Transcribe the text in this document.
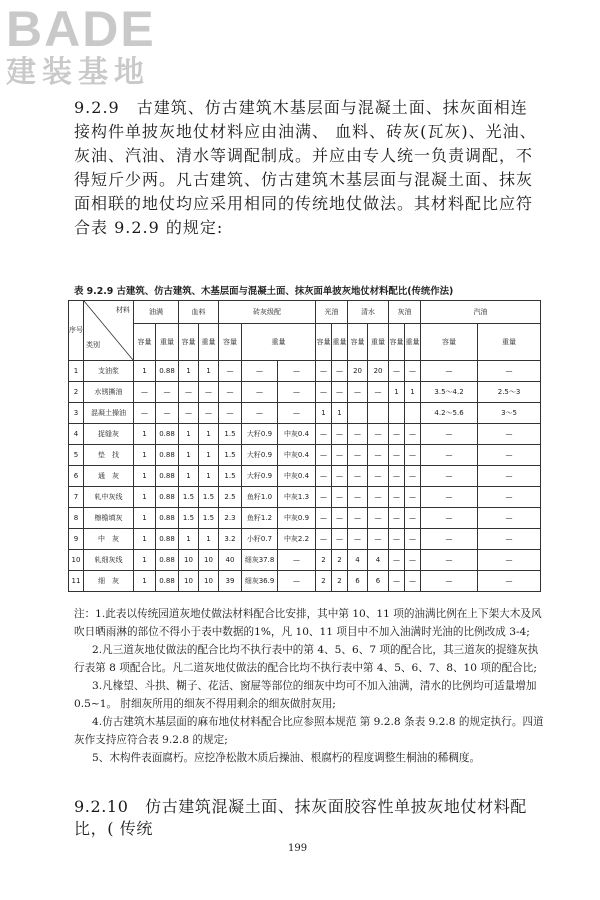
BADE
建装基地
9.2.9　古建筑、仿古建筑木基层面与混凝土面、抹灰面相连接构件单披灰地仗材料应由油满、 血料、砖灰(瓦灰)、光油、灰油、汽油、清水等调配制成。并应由专人统一负责调配，不得短斤少两。凡古建筑、仿古建筑木基层面与混凝土面、抹灰面相联的地仗均应采用相同的传统地仗做法。其材料配比应符合表 9.2.9 的规定:
表 9.2.9 古建筑、仿古建筑、木基层面与混凝土面、抹灰面单披灰地仗材料配比(传统作法)
序号	材料
类别	油满		血料		砖灰级配			光油		清水		灰油		汽油	
		容量	重量	容量	重量	容量	重量		容量	重量	容量	重量	容量	重量	容量	重量
1	支油浆	1	0.88	1	1	—	—	—	—	—	20	20	—	—	—	—
2	水锈撕油	—	—	—	—	—	—	—	—	—	—	—	1	1	3.5～4.2	2.5～3
3	混凝土操油	—	—	—	—	—	—	—	1	1					4.2～5.6	3～5
4	捉缝灰	1	0.88	1	1	1.5	大籽0.9	中灰0.4	—	—	—	—	—	—	—	—
5	垫　找	1	0.88	1	1	1.5	大籽0.9	中灰0.4	—	—	—	—	—	—	—	—
6	通　灰	1	0.88	1	1	1.5	大籽0.9	中灰0.4	—	—	—	—	—	—	—	—
7	轧中灰线	1	0.88	1.5	1.5	2.5	鱼籽1.0	中灰1.3	—	—	—	—	—	—	—	—
8	檫檐填灰	1	0.88	1.5	1.5	2.3	鱼籽1.2	中灰0.9	—	—	—	—	—	—	—	—
9	中　灰	1	0.88	1	1	3.2	小籽0.7	中灰2.2	—	—	—	—	—	—	—	—
10	轧细灰线	1	0.88	10	10	40	细灰37.8	—	2	2	4	4	—	—	—	—
11	细　灰	1	0.88	10	10	39	细灰36.9	—	2	2	6	6	—	—	—	—

注：1.此表以传统园道灰地仗做法材料配合比安排，其中第 10、11 项的油满比例在上下架大木及风吹日晒雨淋的部位不得小于表中数据的1%，凡 10、11 项目中不加入油满时光油的比例改成 3-4;

2.凡三道灰地仗做法的配合比均不执行表中的第 4、5、6、7 项的配合比，其三道灰的捉缝灰执行表第 8 项配合比。凡二道灰地仗做法的配合比均不执行表中第 4、5、6、7、8、10 项的配合比;

3.凡椽望、斗拱、糊子、花活、窗屉等部位的细灰中均可不加入油满，清水的比例均可适量增加 0.5~1。 肘细灰所用的细灰不得用剩余的细灰做肘灰用;

4.仿古建筑木基层面的麻布地仗材料配合比应参照本规范 第 9.2.8 条表 9.2.8 的规定执行。四道灰作支持应符合表 9.2.8 的规定;

5、木构件表面腐朽。应挖净松散木质后操油、根腐朽的程度调整生桐油的稀稠度。

9.2.10　仿古建筑混凝土面、抹灰面胶容性单披灰地仗材料配比，( 传统
199
